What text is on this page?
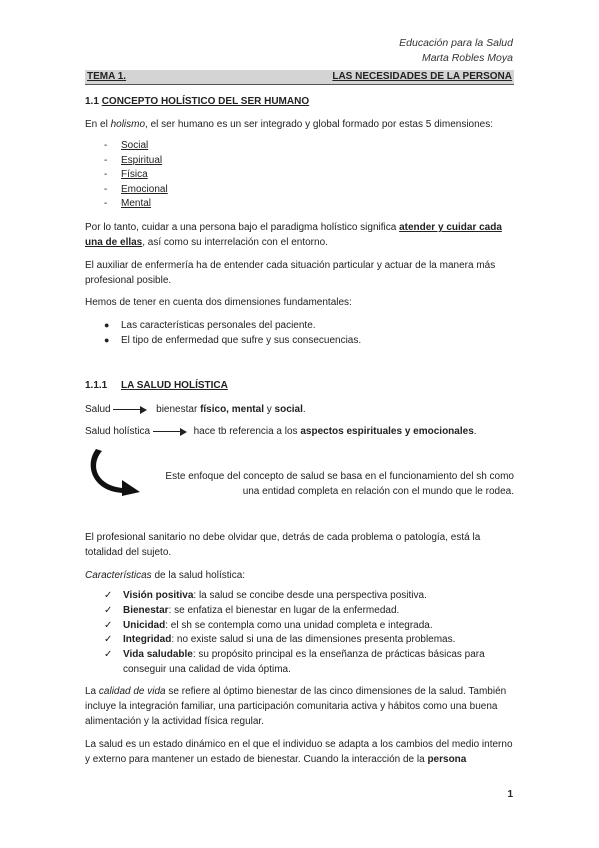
Educación para la Salud
Marta Robles Moya
TEMA 1.	LAS NECESIDADES DE LA PERSONA
1.1 CONCEPTO HOLÍSTICO DEL SER HUMANO
En el holismo, el ser humano es un ser integrado y global formado por estas 5 dimensiones:
- Social
- Espiritual
- Física
- Emocional
- Mental
Por lo tanto, cuidar a una persona bajo el paradigma holístico significa atender y cuidar cada una de ellas, así como su interrelación con el entorno.
El auxiliar de enfermería ha de entender cada situación particular y actuar de la manera más profesional posible.
Hemos de tener en cuenta dos dimensiones fundamentales:
● Las características personales del paciente.
● El tipo de enfermedad que sufre y sus consecuencias.
1.1.1 LA SALUD HOLÍSTICA
Salud	bienestar físico, mental y social.
Salud holística	hace tb referencia a los aspectos espirituales y emocionales.
Este enfoque del concepto de salud se basa en el funcionamiento del sh como una entidad completa en relación con el mundo que le rodea.
El profesional sanitario no debe olvidar que, detrás de cada problema o patología, está la totalidad del sujeto.
Características de la salud holística:
✓ Visión positiva: la salud se concibe desde una perspectiva positiva.
✓ Bienestar: se enfatiza el bienestar en lugar de la enfermedad.
✓ Unicidad: el sh se contempla como una unidad completa e integrada.
✓ Integridad: no existe salud si una de las dimensiones presenta problemas.
✓ Vida saludable: su propósito principal es la enseñanza de prácticas básicas para conseguir una calidad de vida óptima.
La calidad de vida se refiere al óptimo bienestar de las cinco dimensiones de la salud. También incluye la integración familiar, una participación comunitaria activa y hábitos como una buena alimentación y la actividad física regular.
La salud es un estado dinámico en el que el individuo se adapta a los cambios del medio interno y externo para mantener un estado de bienestar. Cuando la interacción de la persona
1
